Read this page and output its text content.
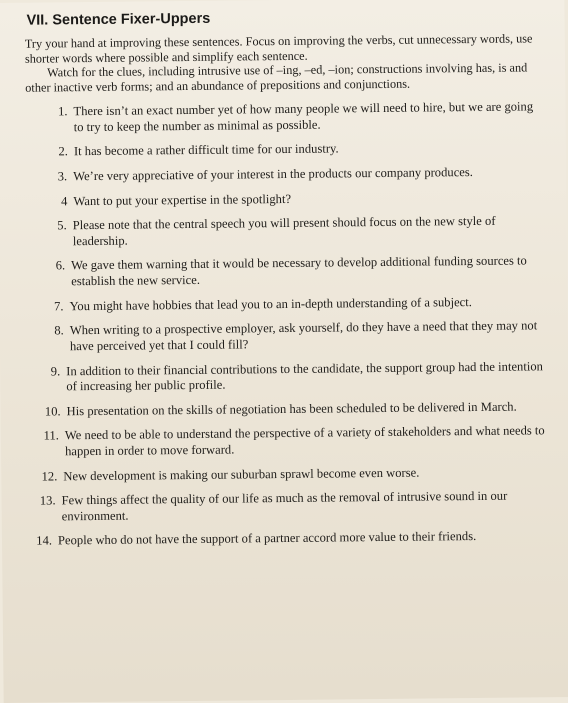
VII. Sentence Fixer-Uppers

Try your hand at improving these sentences. Focus on improving the verbs, cut unnecessary words, use shorter words where possible and simplify each sentence.

Watch for the clues, including intrusive use of –ing, –ed, –ion; constructions involving has, is and other inactive verb forms; and an abundance of prepositions and conjunctions.

1. There isn’t an exact number yet of how many people we will need to hire, but we are going to try to keep the number as minimal as possible.
2. It has become a rather difficult time for our industry.
3. We’re very appreciative of your interest in the products our company produces.
4 Want to put your expertise in the spotlight?
5. Please note that the central speech you will present should focus on the new style of leadership.
6. We gave them warning that it would be necessary to develop additional funding sources to establish the new service.
7. You might have hobbies that lead you to an in-depth understanding of a subject.
8. When writing to a prospective employer, ask yourself, do they have a need that they may not have perceived yet that I could fill?
9. In addition to their financial contributions to the candidate, the support group had the intention of increasing her public profile.
10. His presentation on the skills of negotiation has been scheduled to be delivered in March.
11. We need to be able to understand the perspective of a variety of stakeholders and what needs to happen in order to move forward.
12. New development is making our suburban sprawl become even worse.
13. Few things affect the quality of our life as much as the removal of intrusive sound in our environment.
14. People who do not have the support of a partner accord more value to their friends.
